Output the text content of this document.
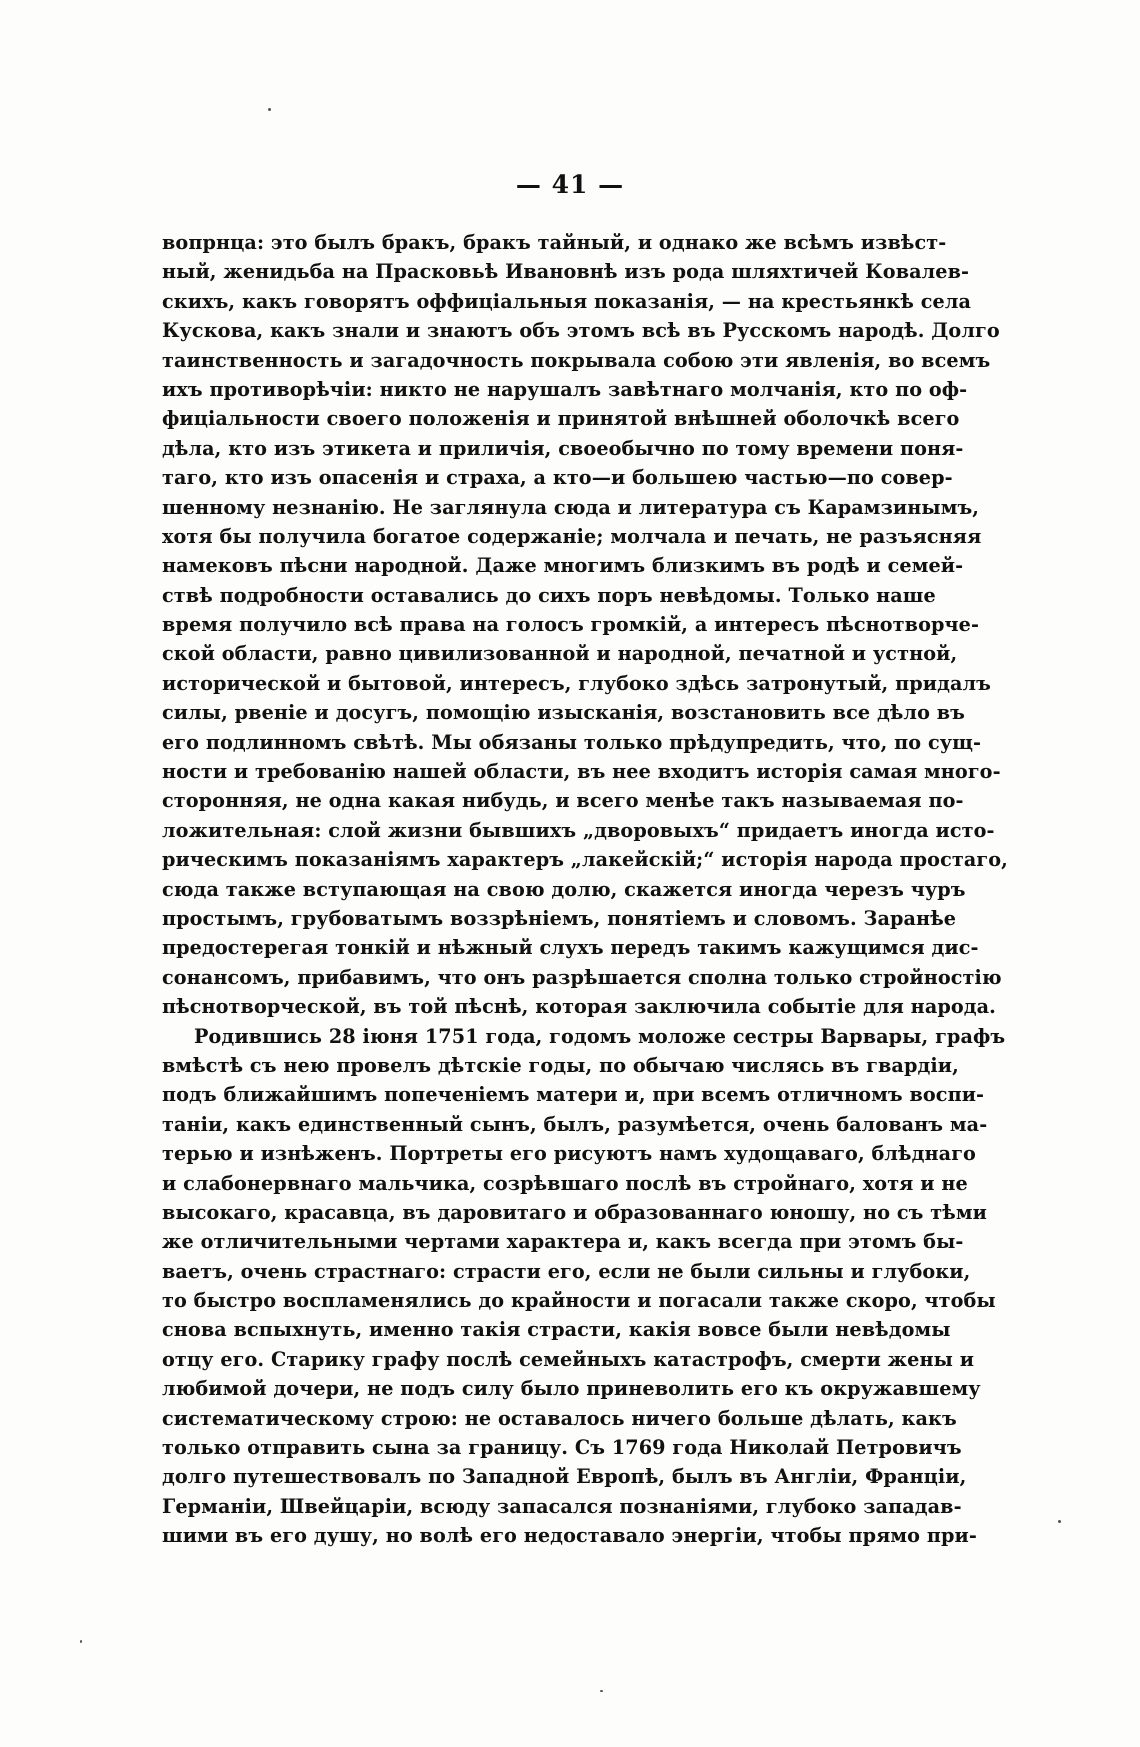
— 41 —
вопрнца: это былъ бракъ, бракъ тайный, и однако же всѣмъ извѣст-
ный, женидьба на Прасковьѣ Ивановнѣ изъ рода шляхтичей Ковалев-
скихъ, какъ говорятъ оффиціальныя показанія, — на крестьянкѣ села
Кускова, какъ знали и знаютъ объ этомъ всѣ въ Русскомъ народѣ. Долго
таинственность и загадочность покрывала собою эти явленія, во всемъ
ихъ противорѣчіи: никто не нарушалъ завѣтнаго молчанія, кто по оф-
фиціальности своего положенія и принятой внѣшней оболочкѣ всего
дѣла, кто изъ этикета и приличія, своеобычно по тому времени поня-
таго, кто изъ опасенія и страха, а кто—и большею частью—по совер-
шенному незнанію. Не заглянула сюда и литература съ Карамзинымъ,
хотя бы получила богатое содержаніе; молчала и печать, не разъясняя
намековъ пѣсни народной. Даже многимъ близкимъ въ родѣ и семей-
ствѣ подробности оставались до сихъ поръ невѣдомы. Только наше
время получило всѣ права на голосъ громкій, а интересъ пѣснотворче-
ской области, равно цивилизованной и народной, печатной и устной,
исторической и бытовой, интересъ, глубоко здѣсь затронутый, придалъ
силы, рвеніе и досугъ, помощію изысканія, возстановить все дѣло въ
его подлинномъ свѣтѣ. Мы обязаны только прѣдупредить, что, по сущ-
ности и требованію нашей области, въ нее входитъ исторія самая много-
сторонняя, не одна какая нибудь, и всего менѣе такъ называемая по-
ложительная: слой жизни бывшихъ „дворовыхъ“ придаетъ иногда исто-
рическимъ показаніямъ характеръ „лакейскій;“ исторія народа простаго,
сюда также вступающая на свою долю, скажется иногда черезъ чуръ
простымъ, грубоватымъ воззрѣніемъ, понятіемъ и словомъ. Заранѣе
предостерегая тонкій и нѣжный слухъ передъ такимъ кажущимся дис-
сонансомъ, прибавимъ, что онъ разрѣшается сполна только стройностію
пѣснотворческой, въ той пѣснѣ, которая заключила событіе для народа.
Родившись 28 іюня 1751 года, годомъ моложе сестры Варвары, графъ
вмѣстѣ съ нею провелъ дѣтскіе годы, по обычаю числясь въ гвардіи,
подъ ближайшимъ попеченіемъ матери и, при всемъ отличномъ воспи-
таніи, какъ единственный сынъ, былъ, разумѣется, очень балованъ ма-
терью и изнѣженъ. Портреты его рисуютъ намъ худощаваго, блѣднаго
и слабонервнаго мальчика, созрѣвшаго послѣ въ стройнаго, хотя и не
высокаго, красавца, въ даровитаго и образованнаго юношу, но съ тѣми
же отличительными чертами характера и, какъ всегда при этомъ бы-
ваетъ, очень страстнаго: страсти его, если не были сильны и глубоки,
то быстро воспламенялись до крайности и погасали также скоро, чтобы
снова вспыхнуть, именно такія страсти, какія вовсе были невѣдомы
отцу его. Старику графу послѣ семейныхъ катастрофъ, смерти жены и
любимой дочери, не подъ силу было приневолить его къ окружавшему
систематическому строю: не оставалось ничего больше дѣлать, какъ
только отправить сына за границу. Съ 1769 года Николай Петровичъ
долго путешествовалъ по Западной Европѣ, былъ въ Англіи, Франціи,
Германіи, Швейцаріи, всюду запасался познаніями, глубоко западав-
шими въ его душу, но волѣ его недоставало энергіи, чтобы прямо при-
